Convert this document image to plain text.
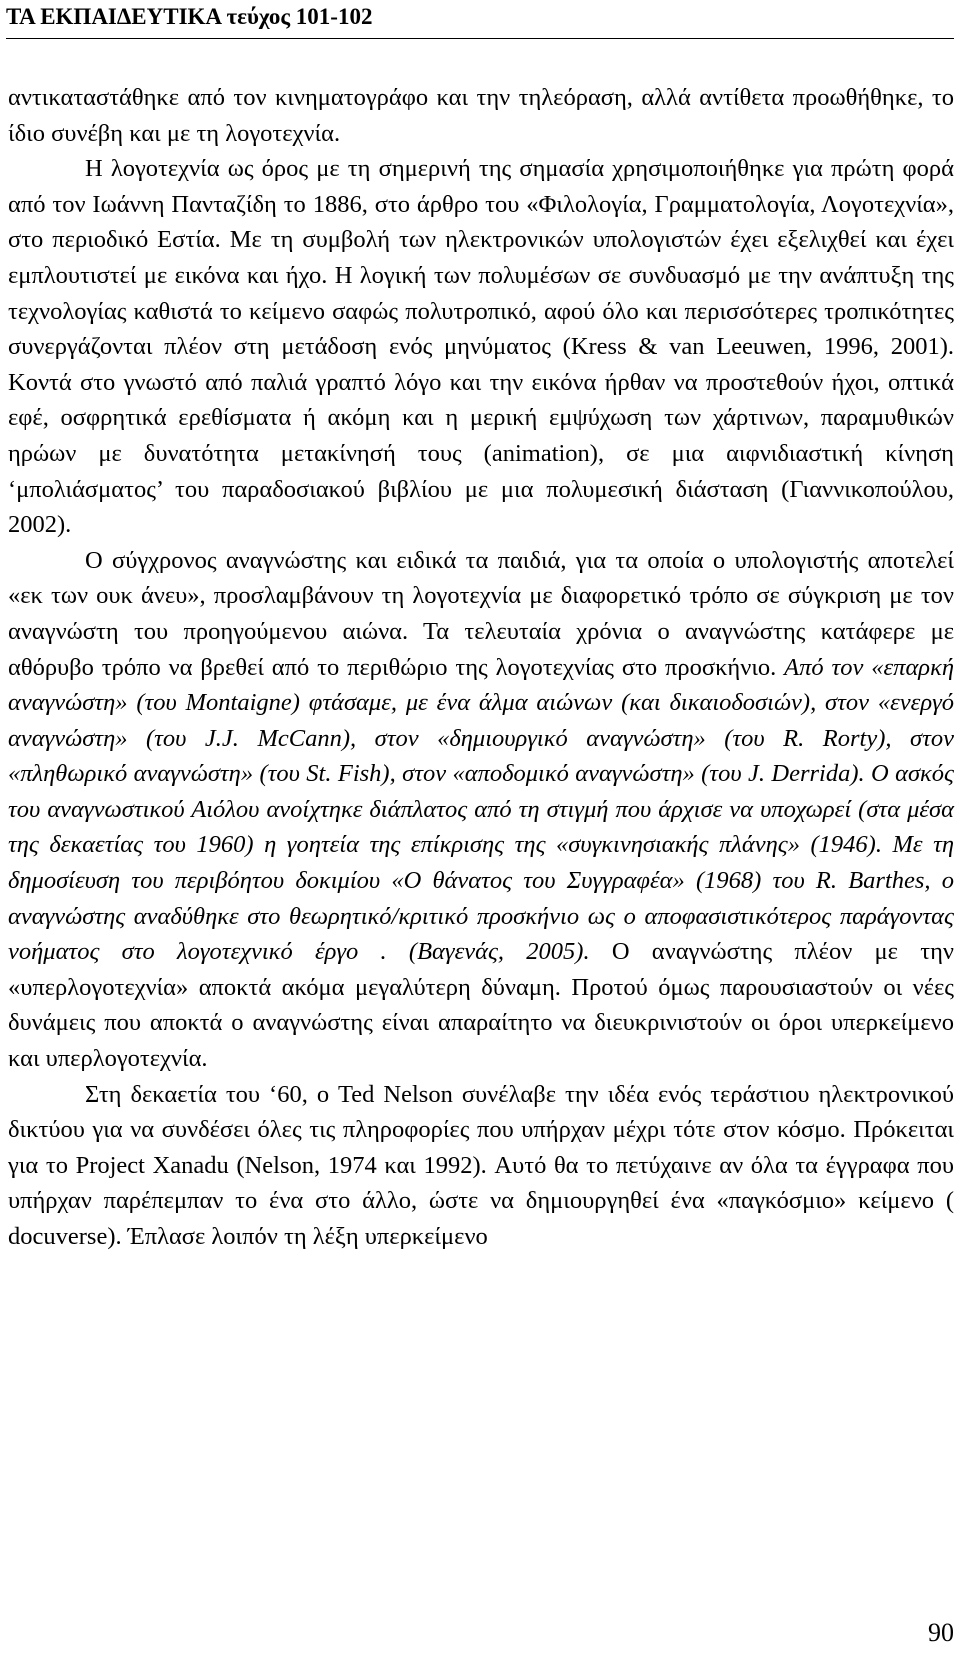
ΤΑ ΕΚΠΑΙΔΕΥΤΙΚΑ τεύχος 101-102

αντικαταστάθηκε από τον κινηματογράφο και την τηλεόραση, αλλά αντίθετα προωθήθηκε, το ίδιο συνέβη και με τη λογοτεχνία.

Η λογοτεχνία ως όρος με τη σημερινή της σημασία χρησιμοποιήθηκε για πρώτη φορά από τον Ιωάννη Πανταζίδη το 1886, στο άρθρο του «Φιλολογία, Γραμματολογία, Λογοτεχνία», στο περιοδικό Εστία. Με τη συμβολή των ηλεκτρονικών υπολογιστών έχει εξελιχθεί και έχει εμπλουτιστεί με εικόνα και ήχο. Η λογική των πολυμέσων σε συνδυασμό με την ανάπτυξη της τεχνολογίας καθιστά το κείμενο σαφώς πολυτροπικό, αφού όλο και περισσότερες τροπικότητες συνεργάζονται πλέον στη μετάδοση ενός μηνύματος (Kress & van Leeuwen, 1996, 2001). Κοντά στο γνωστό από παλιά γραπτό λόγο και την εικόνα ήρθαν να προστεθούν ήχοι, οπτικά εφέ, οσφρητικά ερεθίσματα ή ακόμη και η μερική εμψύχωση των χάρτινων, παραμυθικών ηρώων με δυνατότητα μετακίνησή τους (animation), σε μια αιφνιδιαστική κίνηση ‘μπολιάσματος’ του παραδοσιακού βιβλίου με μια πολυμεσική διάσταση (Γιαννικοπούλου, 2002).

Ο σύγχρονος αναγνώστης και ειδικά τα παιδιά, για τα οποία ο υπολογιστής αποτελεί «εκ των ουκ άνευ», προσλαμβάνουν τη λογοτεχνία με διαφορετικό τρόπο σε σύγκριση με τον αναγνώστη του προηγούμενου αιώνα. Τα τελευταία χρόνια ο αναγνώστης κατάφερε με αθόρυβο τρόπο να βρεθεί από το περιθώριο της λογοτεχνίας στο προσκήνιο. Από τον «επαρκή αναγνώστη» (του Montaigne) φτάσαμε, με ένα άλμα αιώνων (και δικαιοδοσιών), στον «ενεργό αναγνώστη» (του J.J. McCann), στον «δημιουργικό αναγνώστη» (του R. Rorty), στον «πληθωρικό αναγνώστη» (του St. Fish), στον «αποδομικό αναγνώστη» (του J. Derrida). Ο ασκός του αναγνωστικού Αιόλου ανοίχτηκε διάπλατος από τη στιγμή που άρχισε να υποχωρεί (στα μέσα της δεκαετίας του 1960) η γοητεία της επίκρισης της «συγκινησιακής πλάνης» (1946). Με τη δημοσίευση του περιβόητου δοκιμίου «Ο θάνατος του Συγγραφέα» (1968) του R. Barthes, ο αναγνώστης αναδύθηκε στο θεωρητικό/κριτικό προσκήνιο ως ο αποφασιστικότερος παράγοντας νοήματος στο λογοτεχνικό έργο . (Βαγενάς, 2005). Ο αναγνώστης πλέον με την «υπερλογοτεχνία» αποκτά ακόμα μεγαλύτερη δύναμη. Προτού όμως παρουσιαστούν οι νέες δυνάμεις που αποκτά ο αναγνώστης είναι απαραίτητο να διευκρινιστούν οι όροι υπερκείμενο και υπερλογοτεχνία.

Στη δεκαετία του ‘60, ο Ted Nelson συνέλαβε την ιδέα ενός τεράστιου ηλεκτρονικού δικτύου για να συνδέσει όλες τις πληροφορίες που υπήρχαν μέχρι τότε στον κόσμο. Πρόκειται για το Project Xanadu (Nelson, 1974 και 1992). Αυτό θα το πετύχαινε αν όλα τα έγγραφα που υπήρχαν παρέπεμπαν το ένα στο άλλο, ώστε να δημιουργηθεί ένα «παγκόσμιο» κείμενο ( docuverse). Έπλασε λοιπόν τη λέξη υπερκείμενο

90
